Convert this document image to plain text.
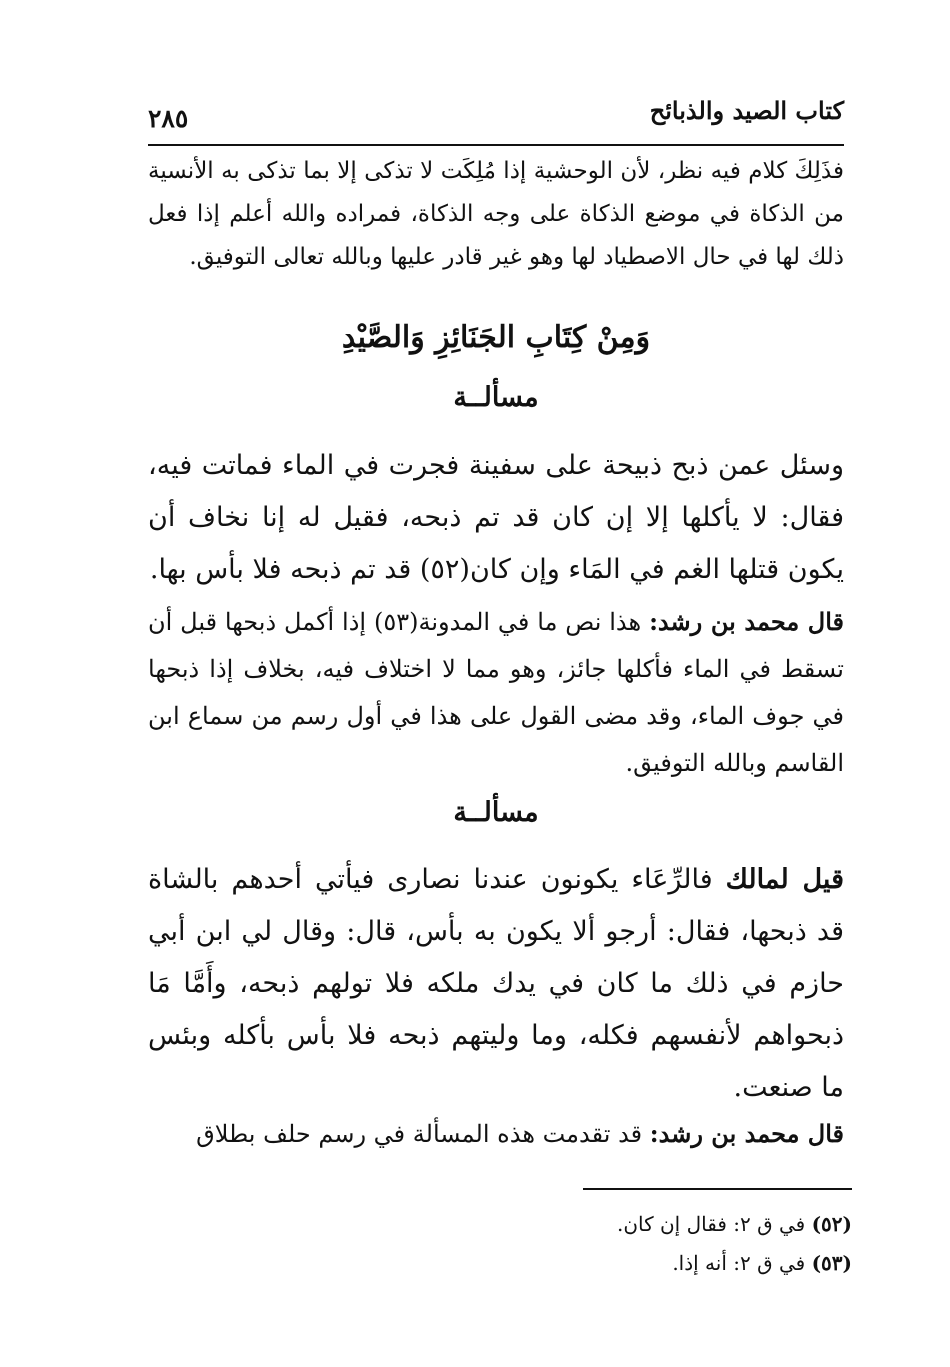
كتاب الصيد والذبائح
٢٨٥

فذَلِكَ كلام فيه نظر، لأن الوحشية إذا مُلِكَت لا تذكى إلا بما تذكى به الأنسية من الذكاة في موضع الذكاة على وجه الذكاة، فمراده والله أعلم إذا فعل ذلك لها في حال الاصطياد لها وهو غير قادر عليها وبالله تعالى التوفيق.

وَمِنْ كِتَابِ الجَنَائِزِ وَالصَّيْدِ
مسألــة

وسئل عمن ذبح ذبيحة على سفينة فجرت في الماء فماتت فيه، فقال: لا يأكلها إلا إن كان قد تم ذبحه، فقيل له إنا نخاف أن يكون قتلها الغم في المَاء وإن كان(٥٢) قد تم ذبحه فلا بأس بها.

قال محمد بن رشد: هذا نص ما في المدونة(٥٣) إذا أكمل ذبحها قبل أن تسقط في الماء فأكلها جائز، وهو مما لا اختلاف فيه، بخلاف إذا ذبحها في جوف الماء، وقد مضى القول على هذا في أول رسم من سماع ابن القاسم وبالله التوفيق.

مسألــة

قيل لمالك فالرِّعَاء يكونون عندنا نصارى فيأتي أحدهم بالشاة قد ذبحها، فقال: أرجو ألا يكون به بأس، قال: وقال لي ابن أبي حازم في ذلك ما كان في يدك ملكه فلا تولهم ذبحه، وأَمَّا مَا ذبحواهم لأنفسهم فكله، وما وليتهم ذبحه فلا بأس بأكله وبئس ما صنعت.

قال محمد بن رشد: قد تقدمت هذه المسألة في رسم حلف بطلاق

(٥٢) في ق ٢: فقال إن كان.
(٥٣) في ق ٢: أنه إذا.
